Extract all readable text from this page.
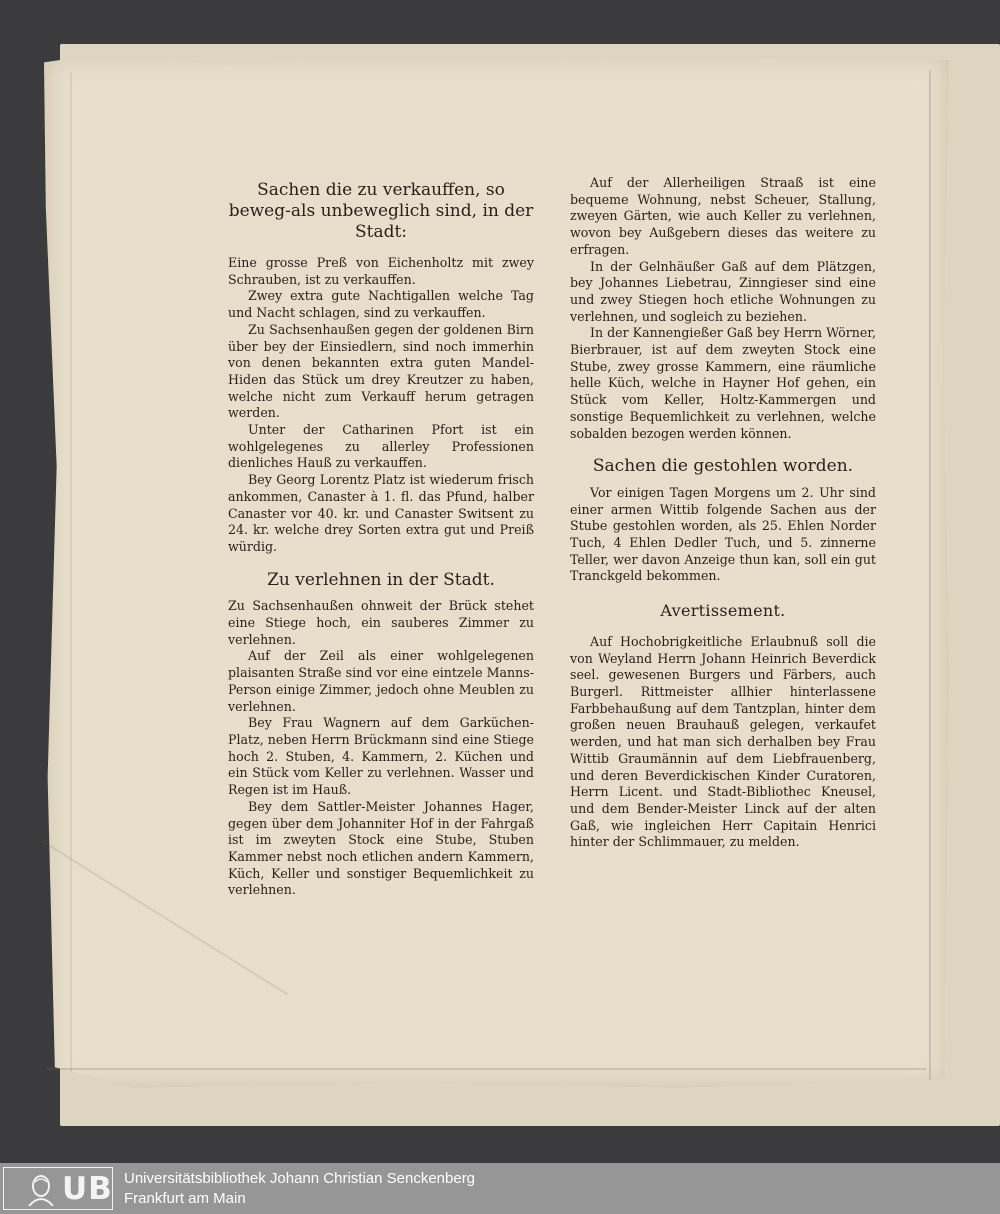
Sachen die zu verkauffen, so beweg-als unbeweglich sind, in der Stadt:

Eine grosse Preß von Eichenholtz mit zwey Schrauben, ist zu verkauffen.

Zwey extra gute Nachtigallen welche Tag und Nacht schlagen, sind zu verkauffen.

Zu Sachsenhaußen gegen der goldenen Birn über bey der Einsiedlern, sind noch immerhin von denen bekannten extra guten Mandel-Hiden das Stück um drey Kreutzer zu haben, welche nicht zum Verkauff herum getragen werden.

Unter der Catharinen Pfort ist ein wohlgelegenes zu allerley Professionen dienliches Hauß zu verkauffen.

Bey Georg Lorentz Platz ist wiederum frisch ankommen, Canaster à 1. fl. das Pfund, halber Canaster vor 40. kr. und Canaster Switsent zu 24. kr. welche drey Sorten extra gut und Preiß würdig.

Zu verlehnen in der Stadt.

Zu Sachsenhaußen ohnweit der Brück stehet eine Stiege hoch, ein sauberes Zimmer zu verlehnen.

Auf der Zeil als einer wohlgelegenen plaisanten Straße sind vor eine eintzele Manns-Person einige Zimmer, jedoch ohne Meublen zu verlehnen.

Bey Frau Wagnern auf dem Garküchen-Platz, neben Herrn Brückmann sind eine Stiege hoch 2. Stuben, 4. Kammern, 2. Küchen und ein Stück vom Keller zu verlehnen. Wasser und Regen ist im Hauß.

Bey dem Sattler-Meister Johannes Hager, gegen über dem Johanniter Hof in der Fahrgaß ist im zweyten Stock eine Stube, Stuben Kammer nebst noch etlichen andern Kammern, Küch, Keller und sonstiger Bequemlichkeit zu verlehnen.

Auf der Allerheiligen Straaß ist eine bequeme Wohnung, nebst Scheuer, Stallung, zweyen Gärten, wie auch Keller zu verlehnen, wovon bey Außgebern dieses das weitere zu erfragen.

In der Gelnhäußer Gaß auf dem Plätzgen, bey Johannes Liebetrau, Zinngieser sind eine und zwey Stiegen hoch etliche Wohnungen zu verlehnen, und sogleich zu beziehen.

In der Kannengießer Gaß bey Herrn Wörner, Bierbrauer, ist auf dem zweyten Stock eine Stube, zwey grosse Kammern, eine räumliche helle Küch, welche in Hayner Hof gehen, ein Stück vom Keller, Holtz-Kammergen und sonstige Bequemlichkeit zu verlehnen, welche sobalden bezogen werden können.

Sachen die gestohlen worden.

Vor einigen Tagen Morgens um 2. Uhr sind einer armen Wittib folgende Sachen aus der Stube gestohlen worden, als 25. Ehlen Norder Tuch, 4 Ehlen Dedler Tuch, und 5. zinnerne Teller, wer davon Anzeige thun kan, soll ein gut Tranckgeld bekommen.

Avertissement.

Auf Hochobrigkeitliche Erlaubnuß soll die von Weyland Herrn Johann Heinrich Beverdick seel. gewesenen Burgers und Färbers, auch Burgerl. Rittmeister allhier hinterlassene Farbbehaußung auf dem Tantzplan, hinter dem großen neuen Brauhauß gelegen, verkaufet werden, und hat man sich derhalben bey Frau Wittib Graumännin auf dem Liebfrauenberg, und deren Beverdickischen Kinder Curatoren, Herrn Licent. und Stadt-Bibliothec Kneusel, und dem Bender-Meister Linck auf der alten Gaß, wie ingleichen Herr Capitain Henrici hinter der Schlimmauer, zu melden.

UB Universitätsbibliothek Johann Christian Senckenberg
Frankfurt am Main
